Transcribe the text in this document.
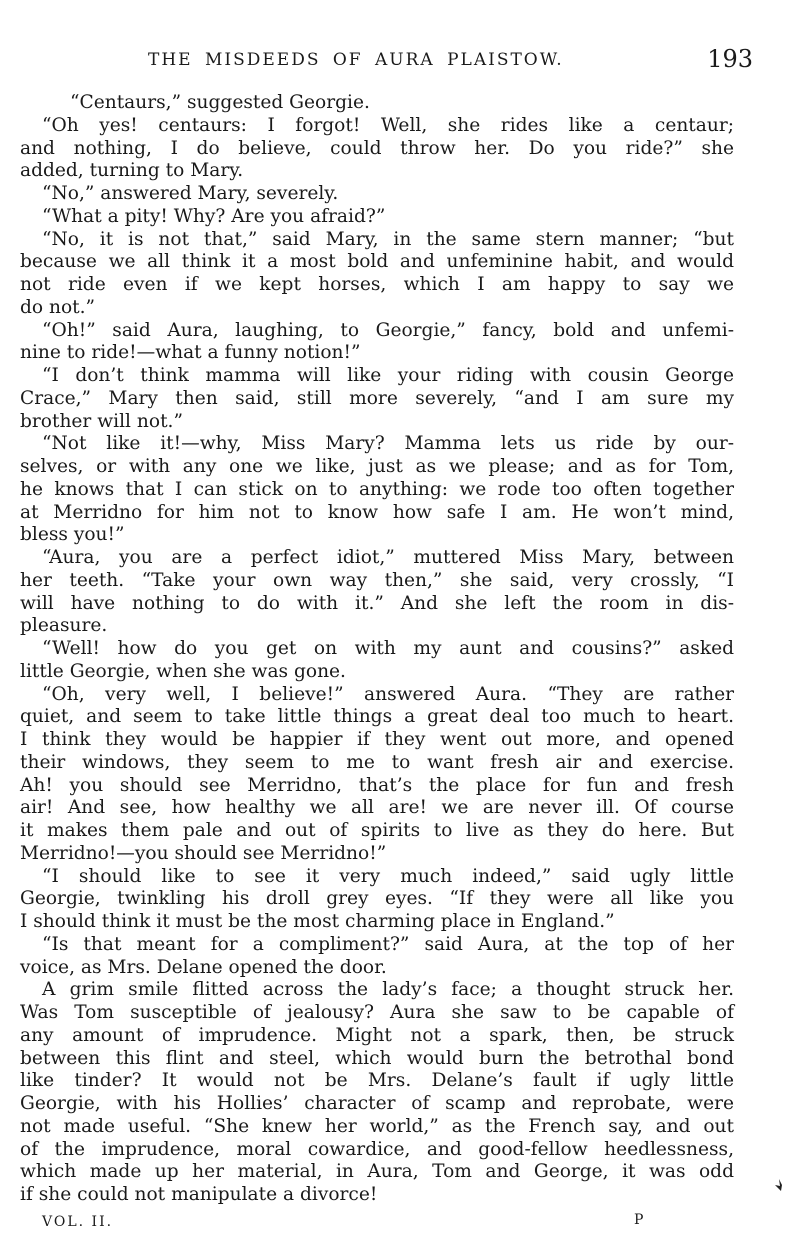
THE MISDEEDS OF AURA PLAISTOW.	193
“Centaurs,” suggested Georgie.
“Oh yes! centaurs: I forgot! Well, she rides like a centaur;
and nothing, I do believe, could throw her. Do you ride?” she
added, turning to Mary.
“No,” answered Mary, severely.
“What a pity! Why? Are you afraid?”
“No, it is not that,” said Mary, in the same stern manner; “but
because we all think it a most bold and unfeminine habit, and would
not ride even if we kept horses, which I am happy to say we
do not.”
“Oh!” said Aura, laughing, to Georgie,” fancy, bold and unfemi-
nine to ride!—what a funny notion!”
“I don’t think mamma will like your riding with cousin George
Crace,” Mary then said, still more severely, “and I am sure my
brother will not.”
“Not like it!—why, Miss Mary? Mamma lets us ride by our-
selves, or with any one we like, just as we please; and as for Tom,
he knows that I can stick on to anything: we rode too often together
at Merridno for him not to know how safe I am. He won’t mind,
bless you!”
“Aura, you are a perfect idiot,” muttered Miss Mary, between
her teeth. “Take your own way then,” she said, very crossly, “I
will have nothing to do with it.” And she left the room in dis-
pleasure.
“Well! how do you get on with my aunt and cousins?” asked
little Georgie, when she was gone.
“Oh, very well, I believe!” answered Aura. “They are rather
quiet, and seem to take little things a great deal too much to heart.
I think they would be happier if they went out more, and opened
their windows, they seem to me to want fresh air and exercise.
Ah! you should see Merridno, that’s the place for fun and fresh
air! And see, how healthy we all are! we are never ill. Of course
it makes them pale and out of spirits to live as they do here. But
Merridno!—you should see Merridno!”
“I should like to see it very much indeed,” said ugly little
Georgie, twinkling his droll grey eyes. “If they were all like you
I should think it must be the most charming place in England.”
“Is that meant for a compliment?” said Aura, at the top of her
voice, as Mrs. Delane opened the door.
A grim smile flitted across the lady’s face; a thought struck her.
Was Tom susceptible of jealousy? Aura she saw to be capable of
any amount of imprudence. Might not a spark, then, be struck
between this flint and steel, which would burn the betrothal bond
like tinder? It would not be Mrs. Delane’s fault if ugly little
Georgie, with his Hollies’ character of scamp and reprobate, were
not made useful. “She knew her world,” as the French say, and out
of the imprudence, moral cowardice, and good-fellow heedlessness,
which made up her material, in Aura, Tom and George, it was odd
if she could not manipulate a divorce!
VOL. II.	P
